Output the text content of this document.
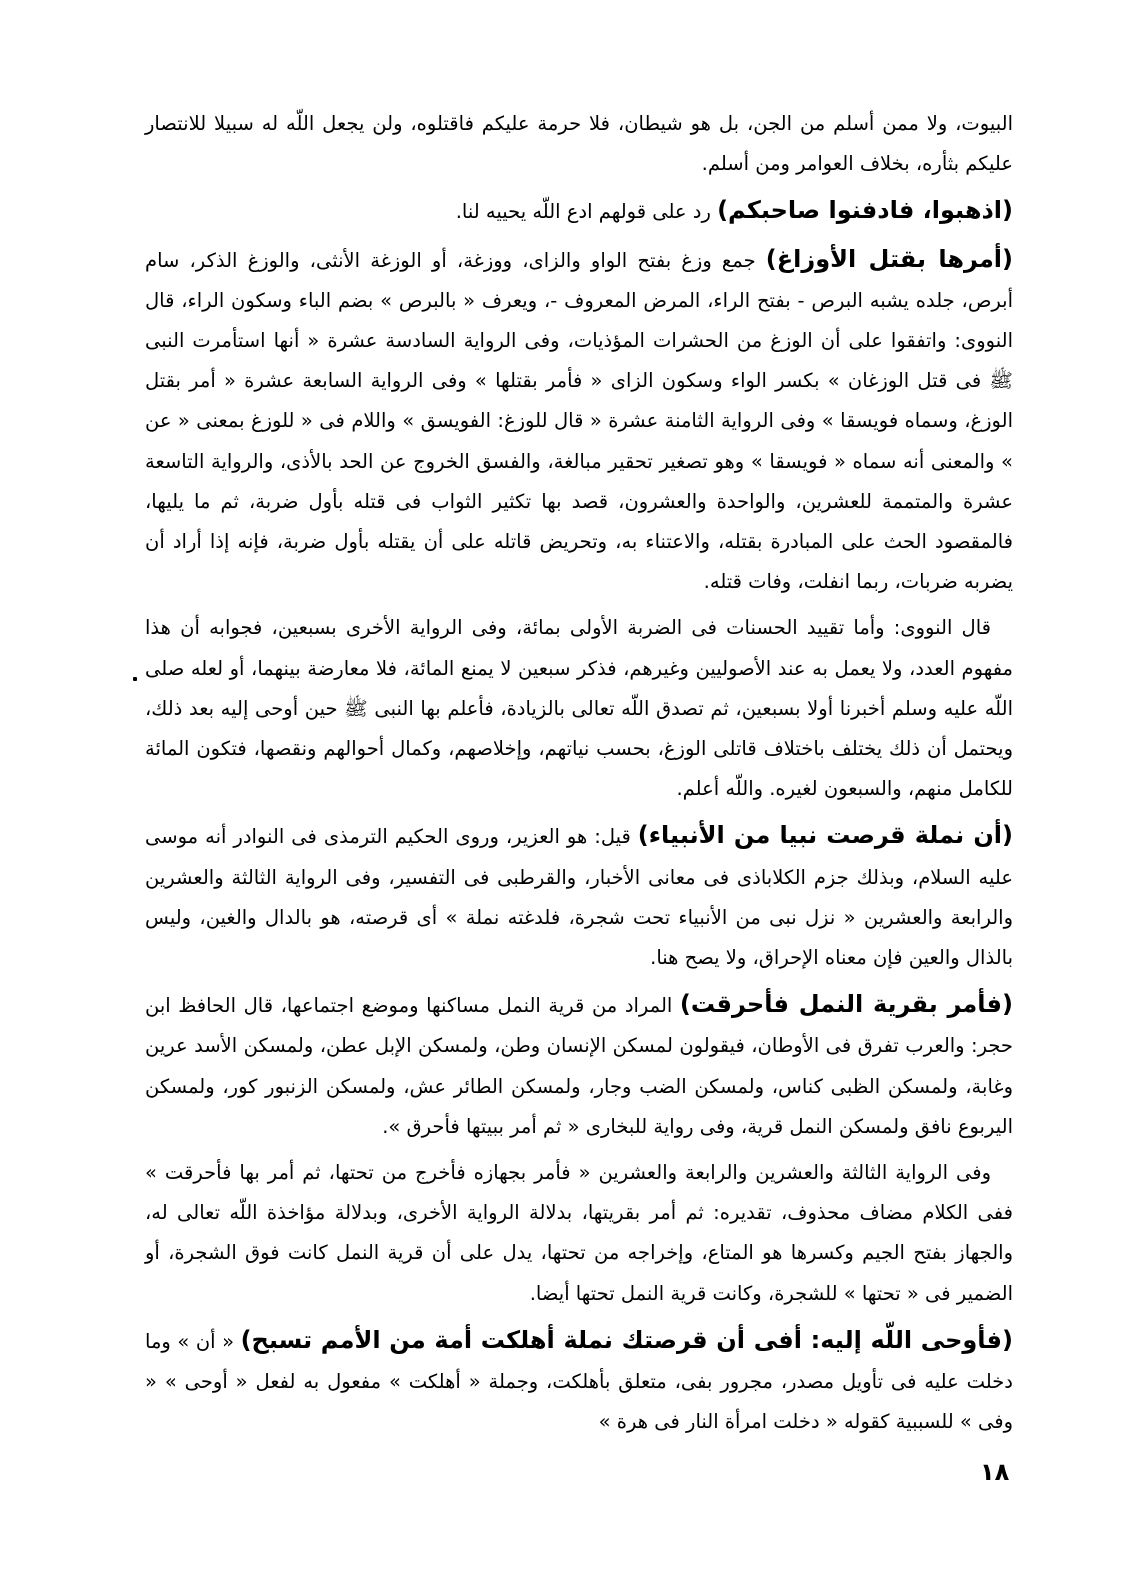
البيوت، ولا ممن أسلم من الجن، بل هو شيطان، فلا حرمة عليكم فاقتلوه، ولن يجعل اللّه له سبيلا للانتصار عليكم بثأره، بخلاف العوامر ومن أسلم.

(اذهبوا، فادفنوا صاحبكم) رد على قولهم ادع اللّه يحييه لنا.

(أمرها بقتل الأوزاغ) جمع وزغ بفتح الواو والزاى، ووزغة، أو الوزغة الأنثى، والوزغ الذكر، سام أبرص، جلده يشبه البرص - بفتح الراء، المرض المعروف -، ويعرف « بالبرص » بضم الباء وسكون الراء، قال النووى: واتفقوا على أن الوزغ من الحشرات المؤذيات، وفى الرواية السادسة عشرة « أنها استأمرت النبى ﷺ فى قتل الوزغان » بكسر الواء وسكون الزاى « فأمر بقتلها » وفى الرواية السابعة عشرة « أمر بقتل الوزغ، وسماه فويسقا » وفى الرواية الثامنة عشرة « قال للوزغ: الفويسق » واللام فى « للوزغ بمعنى « عن » والمعنى أنه سماه « فويسقا » وهو تصغير تحقير مبالغة، والفسق الخروج عن الحد بالأذى، والرواية التاسعة عشرة والمتممة للعشرين، والواحدة والعشرون، قصد بها تكثير الثواب فى قتله بأول ضربة، ثم ما يليها، فالمقصود الحث على المبادرة بقتله، والاعتناء به، وتحريض قاتله على أن يقتله بأول ضربة، فإنه إذا أراد أن يضربه ضربات، ربما انفلت، وفات قتله.

قال النووى: وأما تقييد الحسنات فى الضربة الأولى بمائة، وفى الرواية الأخرى بسبعين، فجوابه أن هذا مفهوم العدد، ولا يعمل به عند الأصوليين وغيرهم، فذكر سبعين لا يمنع المائة، فلا معارضة بينهما، أو لعله صلى اللّه عليه وسلم أخبرنا أولا بسبعين، ثم تصدق اللّه تعالى بالزيادة، فأعلم بها النبى ﷺ حين أوحى إليه بعد ذلك، ويحتمل أن ذلك يختلف باختلاف قاتلى الوزغ، بحسب نياتهم، وإخلاصهم، وكمال أحوالهم ونقصها، فتكون المائة للكامل منهم، والسبعون لغيره. واللّه أعلم.

(أن نملة قرصت نبيا من الأنبياء) قيل: هو العزير، وروى الحكيم الترمذى فى النوادر أنه موسى عليه السلام، وبذلك جزم الكلاباذى فى معانى الأخبار، والقرطبى فى التفسير، وفى الرواية الثالثة والعشرين والرابعة والعشرين « نزل نبى من الأنبياء تحت شجرة، فلدغته نملة » أى قرصته، هو بالدال والغين، وليس بالذال والعين فإن معناه الإحراق، ولا يصح هنا.

(فأمر بقرية النمل فأحرقت) المراد من قرية النمل مساكنها وموضع اجتماعها، قال الحافظ ابن حجر: والعرب تفرق فى الأوطان، فيقولون لمسكن الإنسان وطن، ولمسكن الإبل عطن، ولمسكن الأسد عرين وغابة، ولمسكن الظبى كناس، ولمسكن الضب وجار، ولمسكن الطائر عش، ولمسكن الزنبور كور، ولمسكن اليربوع نافق ولمسكن النمل قرية، وفى رواية للبخارى « ثم أمر ببيتها فأحرق ».

وفى الرواية الثالثة والعشرين والرابعة والعشرين « فأمر بجهازه فأخرج من تحتها، ثم أمر بها فأحرقت » ففى الكلام مضاف محذوف، تقديره: ثم أمر بقريتها، بدلالة الرواية الأخرى، وبدلالة مؤاخذة اللّه تعالى له، والجهاز بفتح الجيم وكسرها هو المتاع، وإخراجه من تحتها، يدل على أن قرية النمل كانت فوق الشجرة، أو الضمير فى « تحتها » للشجرة، وكانت قرية النمل تحتها أيضا.

(فأوحى اللّه إليه: أفى أن قرصتك نملة أهلكت أمة من الأمم تسبح) « أن » وما دخلت عليه فى تأويل مصدر، مجرور بفى، متعلق بأهلكت، وجملة « أهلكت » مفعول به لفعل « أوحى » « وفى » للسببية كقوله « دخلت امرأة النار فى هرة »

١٨
